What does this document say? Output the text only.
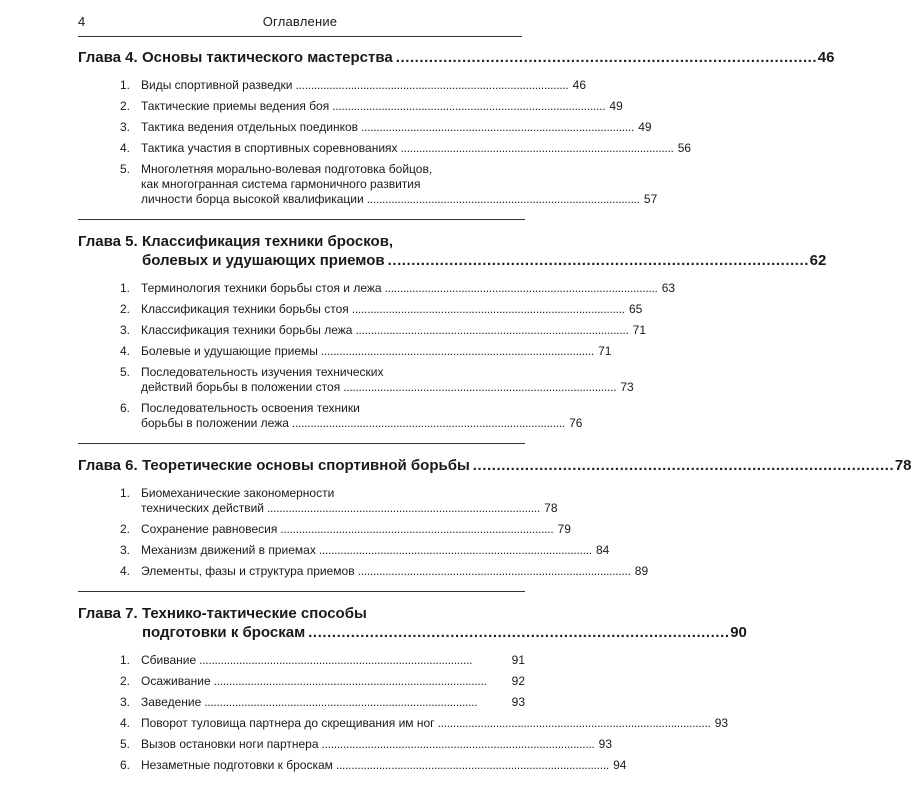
4	Оглавление
Глава 4. Основы тактического мастерства . . .	46
1. Виды спортивной разведки . . .	46
2. Тактические приемы ведения боя . . .	49
3. Тактика ведения отдельных поединков . . .	49
4. Тактика участия в спортивных соревнованиях . . .	56
5. Многолетняя морально-волевая подготовка бойцов,
как многогранная система гармоничного развития
личности борца высокой квалификации . . .	57
Глава 5. Классификация техники бросков,
болевых и удушающих приемов . . .	62
1. Терминология техники борьбы стоя и лежа . . .	63
2. Классификация техники борьбы стоя . . .	65
3. Классификация техники борьбы лежа . . .	71
4. Болевые и удушающие приемы . . .	71
5. Последовательность изучения технических
действий борьбы в положении стоя . . .	73
6. Последовательность освоения техники
борьбы в положении лежа . . .	76
Глава 6. Теоретические основы спортивной борьбы . . .	78
1. Биомеханические закономерности
технических действий . . .	78
2. Сохранение равновесия . . .	79
3. Механизм движений в приемах . . .	84
4. Элементы, фазы и структура приемов . . .	89
Глава 7. Технико-тактические способы
подготовки к броскам . . .	90
1. Сбивание . . .	91
2. Осаживание . . .	92
3. Заведение . . .	93
4. Поворот туловища партнера до скрещивания им ног . . .	93
5. Вызов остановки ноги партнера . . .	93
6. Незаметные подготовки к броскам . . .	94
